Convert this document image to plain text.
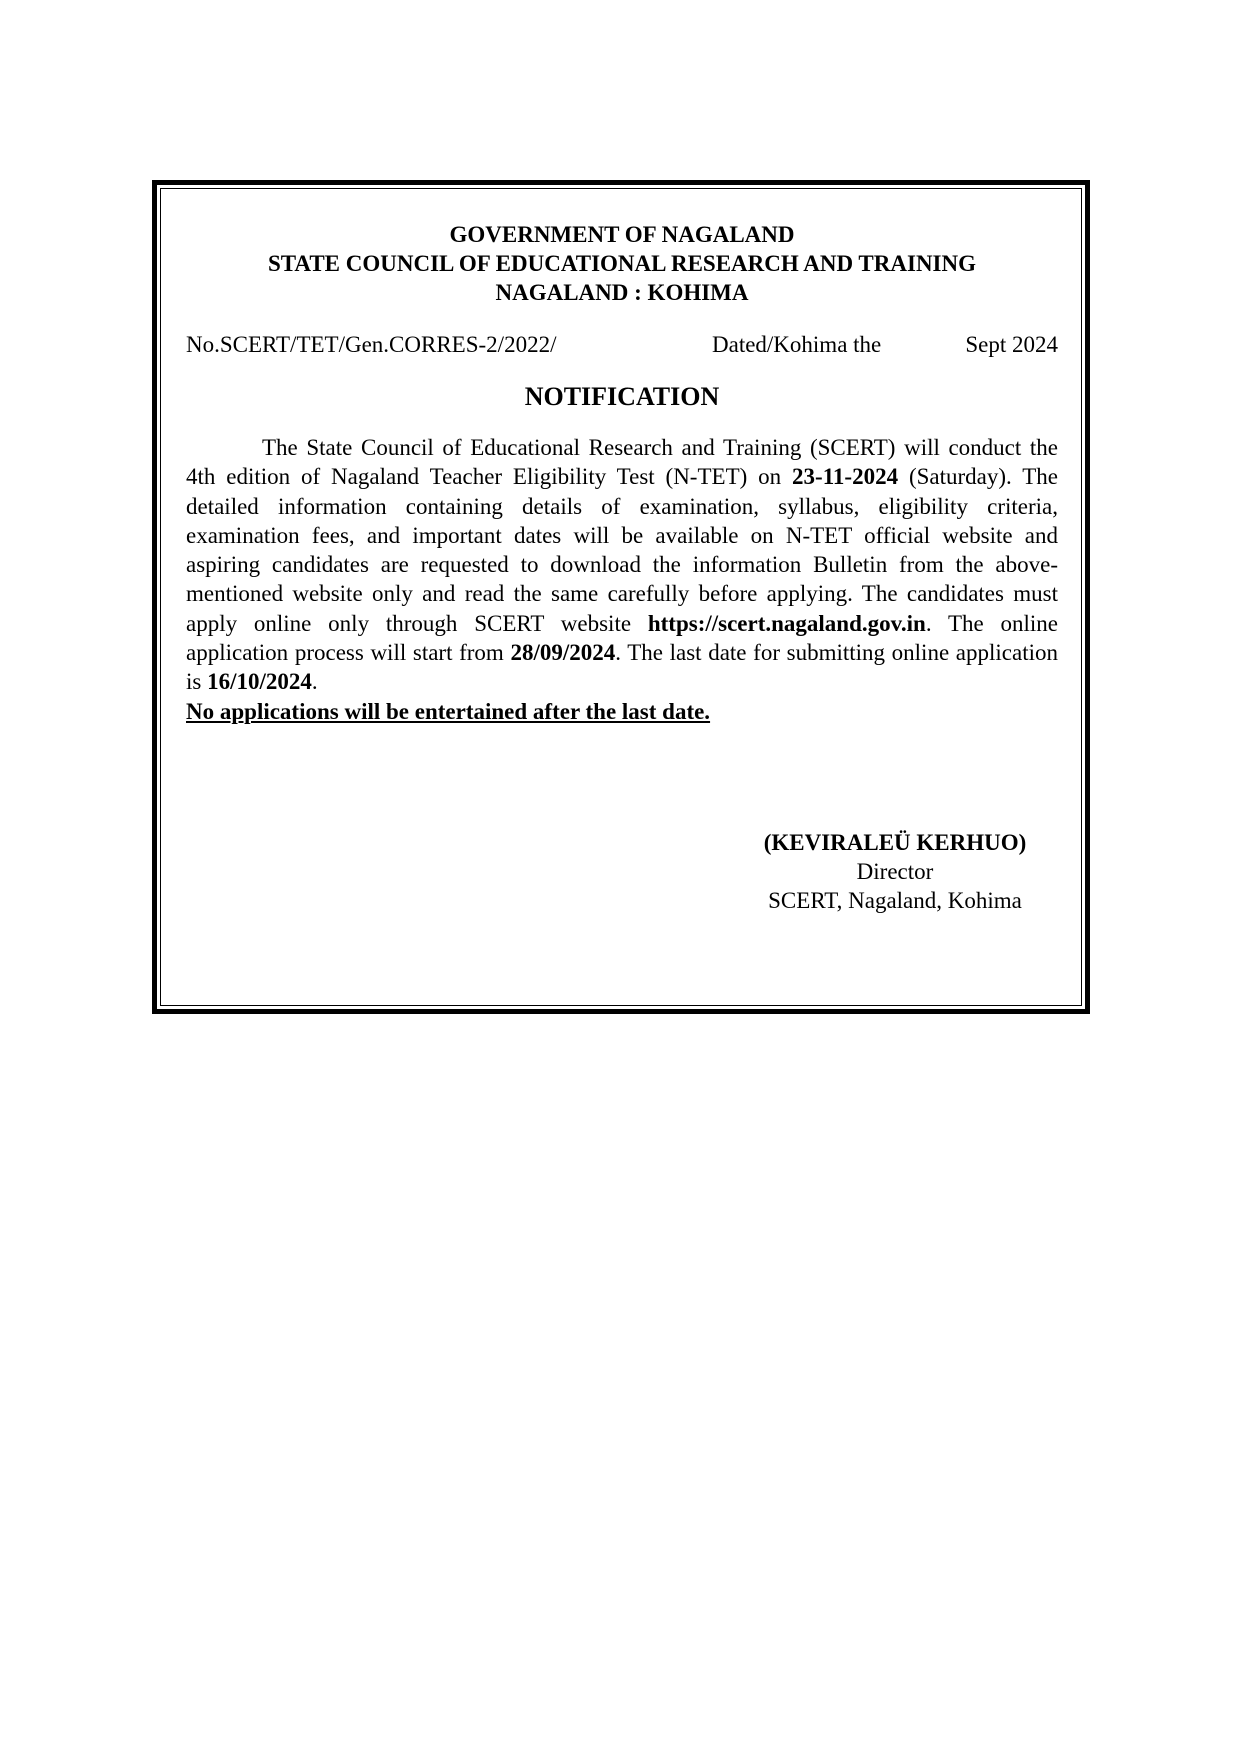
GOVERNMENT OF NAGALAND
STATE COUNCIL OF EDUCATIONAL RESEARCH AND TRAINING
NAGALAND : KOHIMA
No.SCERT/TET/Gen.CORRES-2/2022/	Dated/Kohima the	Sept 2024
NOTIFICATION
The State Council of Educational Research and Training (SCERT) will conduct the 4th edition of Nagaland Teacher Eligibility Test (N-TET) on 23-11-2024 (Saturday). The detailed information containing details of examination, syllabus, eligibility criteria, examination fees, and important dates will be available on N-TET official website and aspiring candidates are requested to download the information Bulletin from the above-mentioned website only and read the same carefully before applying. The candidates must apply online only through SCERT website https://scert.nagaland.gov.in. The online application process will start from 28/09/2024. The last date for submitting online application is 16/10/2024.
No applications will be entertained after the last date.
(KEVIRALEÜ KERHUO)
Director
SCERT, Nagaland, Kohima
